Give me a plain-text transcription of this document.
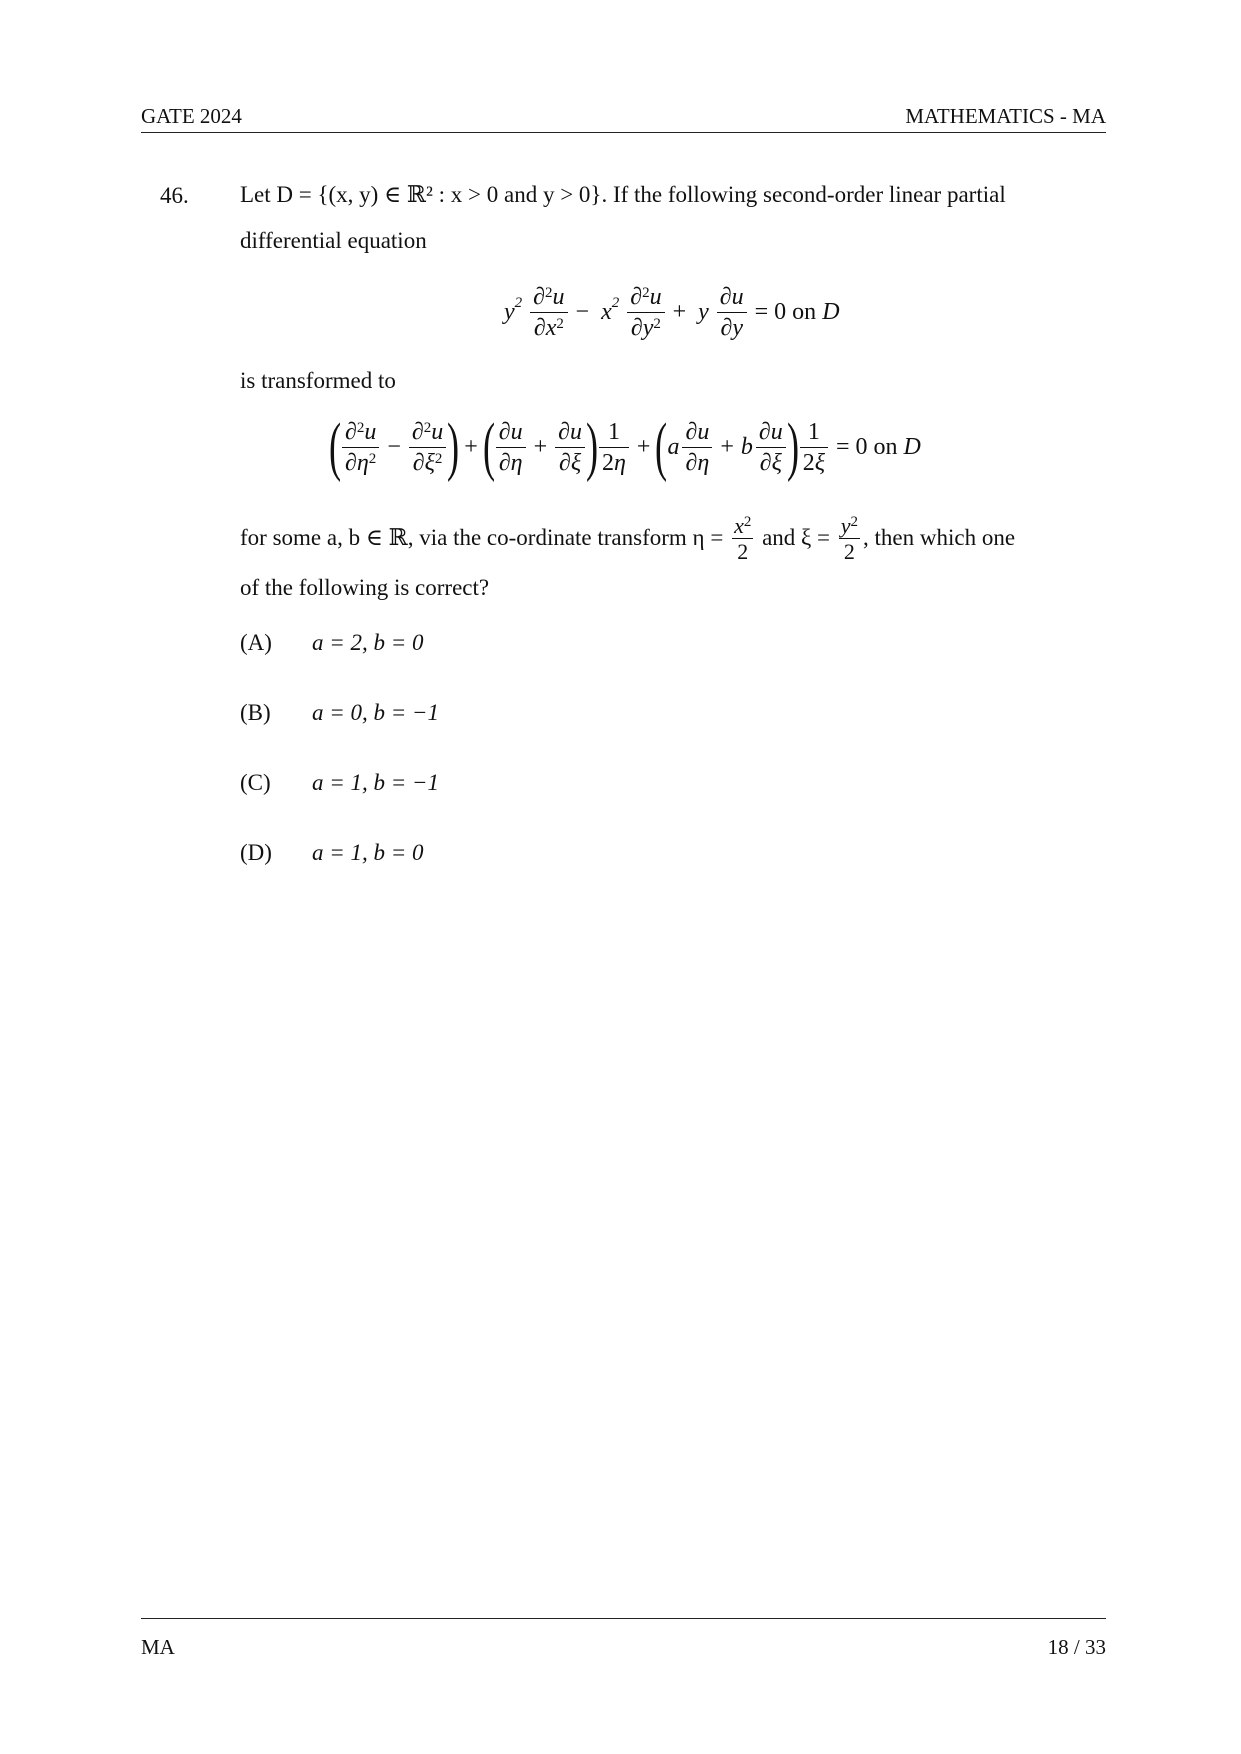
GATE 2024	MATHEMATICS - MA
46. Let D = {(x, y) ∈ ℝ² : x > 0 and y > 0}. If the following second-order linear partial
differential equation
$y^2 \frac{\partial^2u}{\partial x^2} - x^2 \frac{\partial^2u}{\partial y^2} + y \frac{\partial u}{\partial y} = 0$ on D
is transformed to
( $\frac{\partial^2u}{\partial\eta^2} - \frac{\partial^2u}{\partial\xi^2}$ ) +( $\frac{\partial u}{\partial\eta} + \frac{\partial u}{\partial\xi}$ ) $\frac{1}{2\eta} +(a \frac{\partial u}{\partial\eta} + b \frac{\partial u}{\partial\xi}$ ) $\frac{1}{2\xi} = 0$ on D
for some a, b ∈ ℝ, via the co-ordinate transform $\eta = \frac{x^2}{2}$ and $\xi = \frac{y^2}{2}$ , then which one
of the following is correct?
(A) a = 2, b = 0
(B) a = 0, b = −1
(C) a = 1, b = −1
(D) a = 1, b = 0
MA	18 / 33
